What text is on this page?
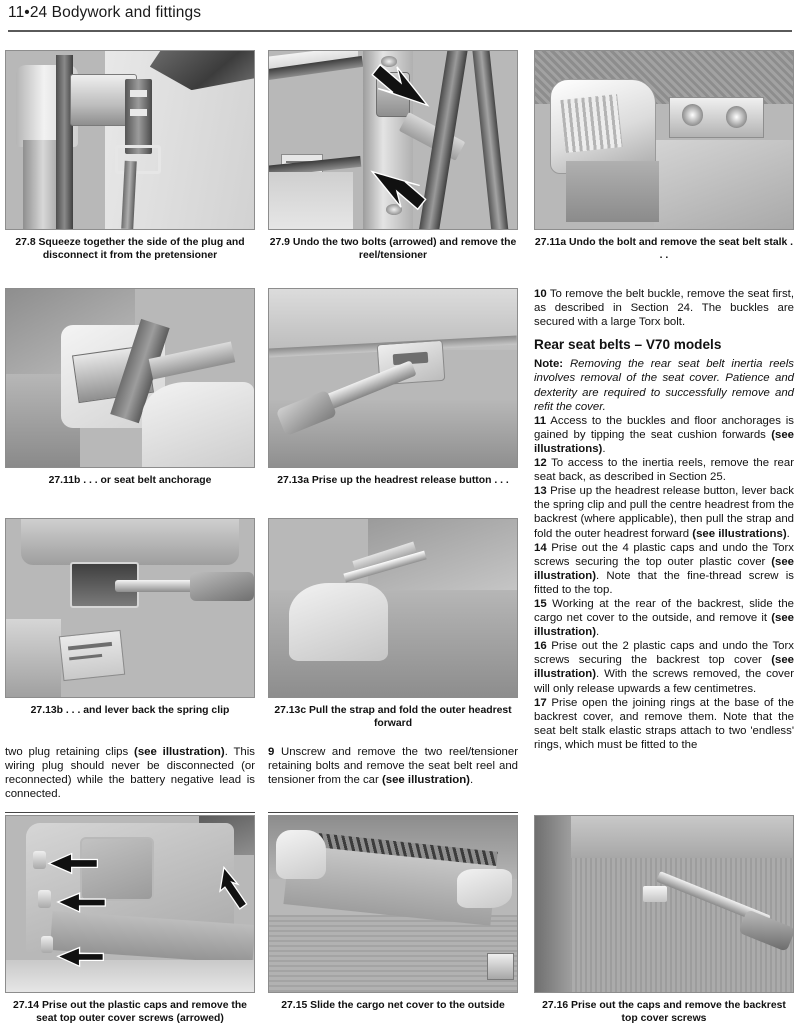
11•24 Bodywork and fittings
27.8 Squeeze together the side of the plug and disconnect it from the pretensioner
27.9 Undo the two bolts (arrowed) and remove the reel/tensioner
27.11a Undo the bolt and remove the seat belt stalk . . .
27.11b . . . or seat belt anchorage	27.13a Prise up the headrest release button . . .
27.13b . . . and lever back the spring clip	27.13c Pull the strap and fold the outer headrest forward
27.14 Prise out the plastic caps and remove the seat top outer cover screws (arrowed)
27.15 Slide the cargo net cover to the outside	27.16 Prise out the caps and remove the backrest top cover screws

two plug retaining clips (see illustration). This wiring plug should never be disconnected (or reconnected) while the battery negative lead is connected.

9 Unscrew and remove the two reel/tensioner retaining bolts and remove the seat belt reel and tensioner from the car (see illustration).

10 To remove the belt buckle, remove the seat first, as described in Section 24. The buckles are secured with a large Torx bolt.

Rear seat belts – V70 models

Note: Removing the rear seat belt inertia reels involves removal of the seat cover. Patience and dexterity are required to successfully remove and refit the cover.

11 Access to the buckles and floor anchorages is gained by tipping the seat cushion forwards (see illustrations).

12 To access to the inertia reels, remove the rear seat back, as described in Section 25.

13 Prise up the headrest release button, lever back the spring clip and pull the centre headrest from the backrest (where applicable), then pull the strap and fold the outer headrest forward (see illustrations).

14 Prise out the 4 plastic caps and undo the Torx screws securing the top outer plastic cover (see illustration). Note that the fine-thread screw is fitted to the top.

15 Working at the rear of the backrest, slide the cargo net cover to the outside, and remove it (see illustration).

16 Prise out the 2 plastic caps and undo the Torx screws securing the backrest top cover (see illustration). With the screws removed, the cover will only release upwards a few centimetres.

17 Prise open the joining rings at the base of the backrest cover, and remove them. Note that the seat belt stalk elastic straps attach to two 'endless' rings, which must be fitted to the
